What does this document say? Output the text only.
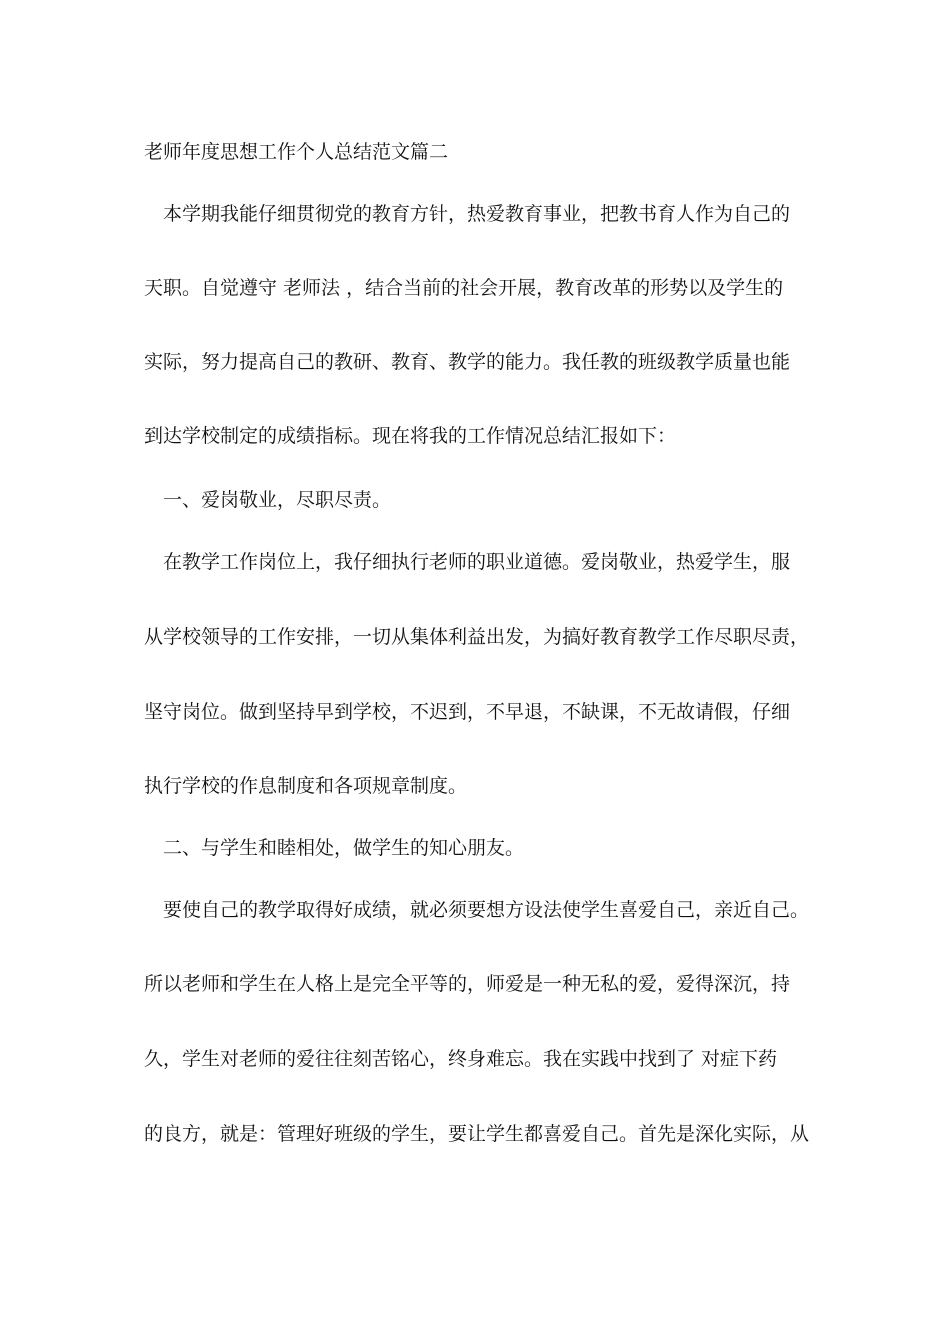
老师年度思想工作个人总结范文篇二
本学期我能仔细贯彻党的教育方针，热爱教育事业，把教书育人作为自己的
天职。自觉遵守 老师法 ，结合当前的社会开展，教育改革的形势以及学生的
实际，努力提高自己的教研、教育、教学的能力。我任教的班级教学质量也能
到达学校制定的成绩指标。现在将我的工作情况总结汇报如下：
一、爱岗敬业，尽职尽责。
在教学工作岗位上，我仔细执行老师的职业道德。爱岗敬业，热爱学生，服
从学校领导的工作安排，一切从集体利益出发，为搞好教育教学工作尽职尽责，
坚守岗位。做到坚持早到学校，不迟到，不早退，不缺课，不无故请假，仔细
执行学校的作息制度和各项规章制度。
二、与学生和睦相处，做学生的知心朋友。
要使自己的教学取得好成绩，就必须要想方设法使学生喜爱自己，亲近自己。
所以老师和学生在人格上是完全平等的，师爱是一种无私的爱，爱得深沉，持
久，学生对老师的爱往往刻苦铭心，终身难忘。我在实践中找到了 对症下药
的良方，就是：管理好班级的学生，要让学生都喜爱自己。首先是深化实际，从
